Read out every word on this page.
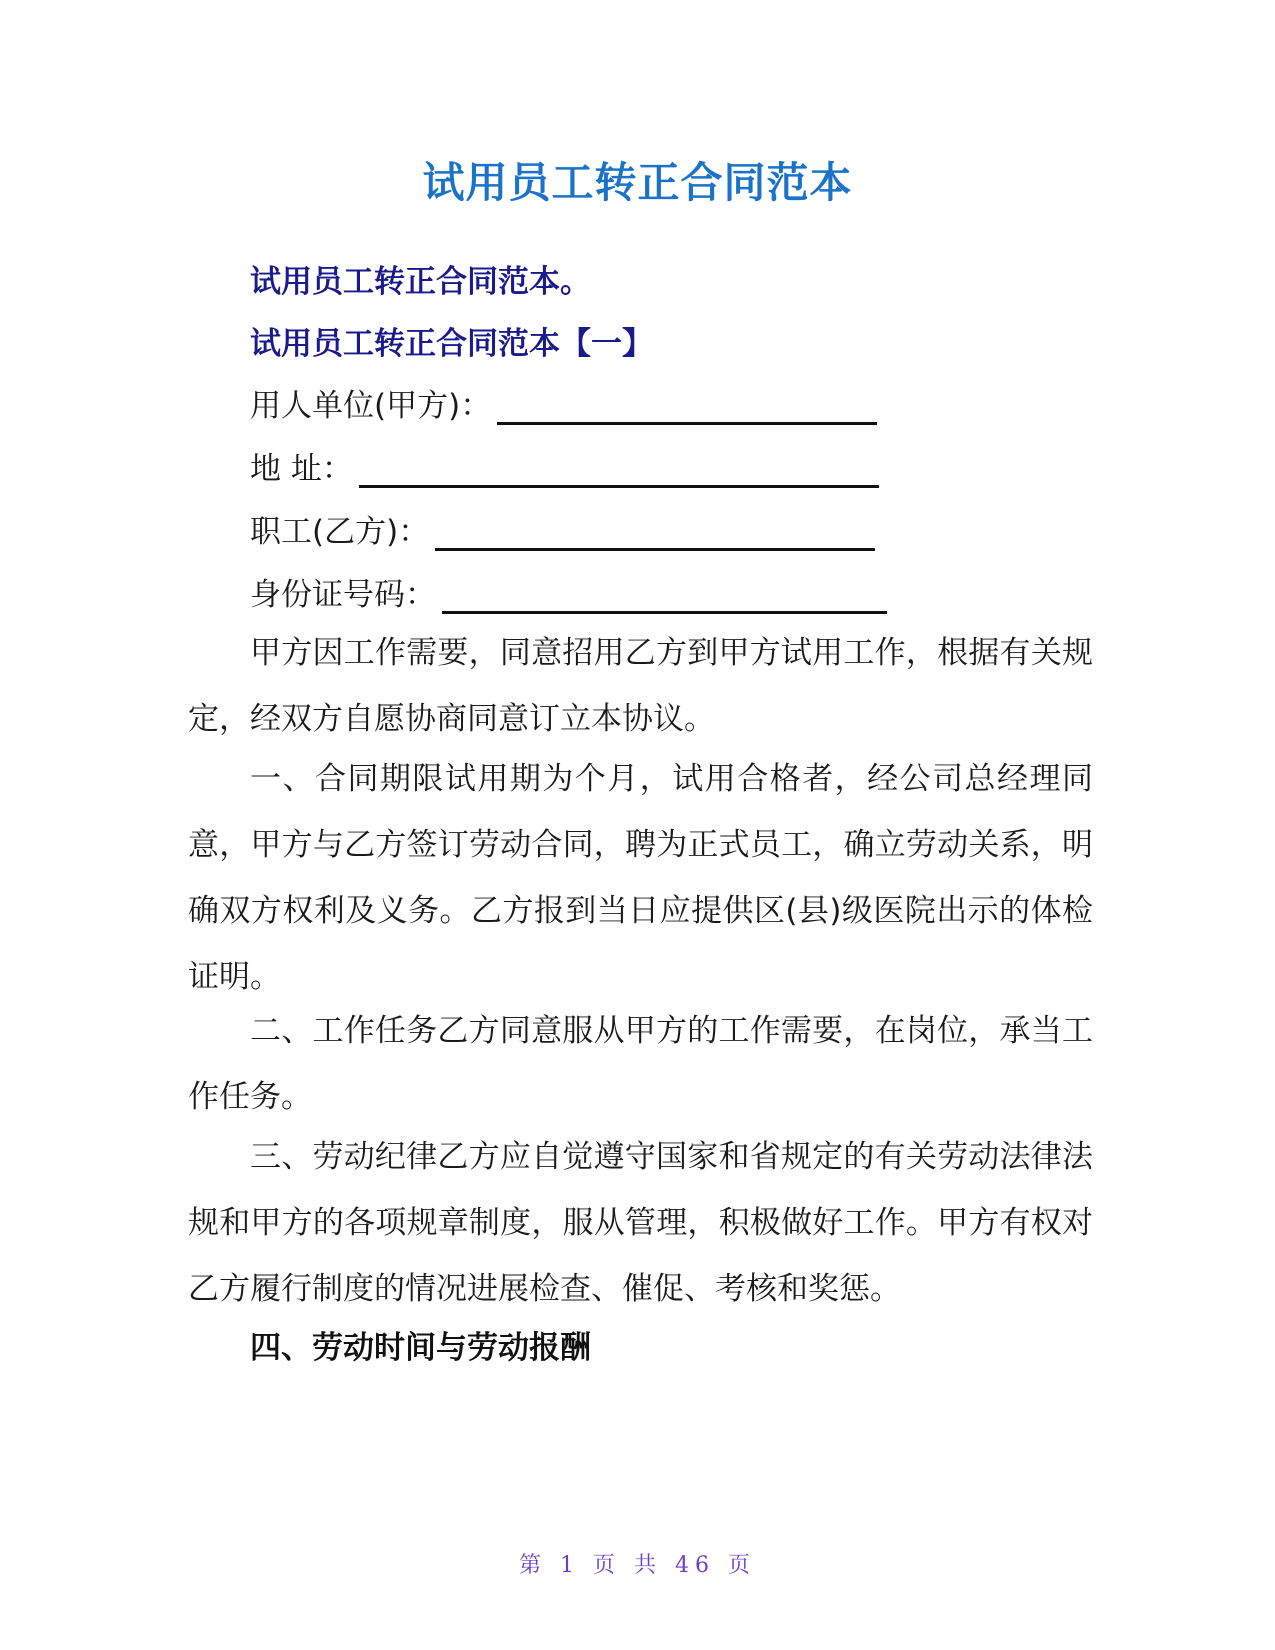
试用员工转正合同范本
试用员工转正合同范本。
试用员工转正合同范本【一】
用人单位(甲方)：
地 址：
职工(乙方)：
身份证号码：
甲方因工作需要，同意招用乙方到甲方试用工作，根据有关规定，经双方自愿协商同意订立本协议。
一、合同期限试用期为个月，试用合格者，经公司总经理同意，甲方与乙方签订劳动合同，聘为正式员工，确立劳动关系，明确双方权利及义务。乙方报到当日应提供区(县)级医院出示的体检证明。
二、工作任务乙方同意服从甲方的工作需要，在岗位，承当工作任务。
三、劳动纪律乙方应自觉遵守国家和省规定的有关劳动法律法规和甲方的各项规章制度，服从管理，积极做好工作。甲方有权对乙方履行制度的情况进展检查、催促、考核和奖惩。
四、劳动时间与劳动报酬
第 1 页 共 46 页
